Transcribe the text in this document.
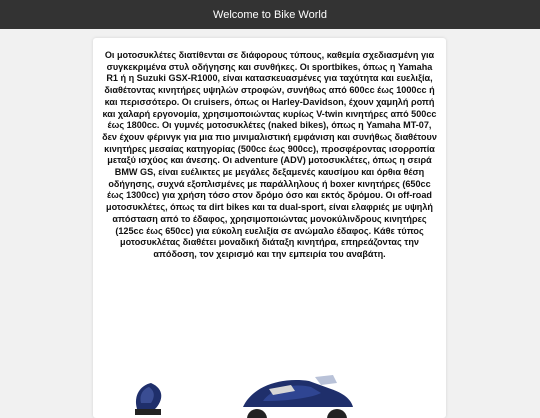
Welcome to Bike World
Οι μοτοσυκλέτες διατίθενται σε διάφορους τύπους, καθεμία σχεδιασμένη για συγκεκριμένα στυλ οδήγησης και συνθήκες. Οι sportbikes, όπως η Yamaha R1 ή η Suzuki GSX-R1000, είναι κατασκευασμένες για ταχύτητα και ευελιξία, διαθέτοντας κινητήρες υψηλών στροφών, συνήθως από 600cc έως 1000cc ή και περισσότερο. Οι cruisers, όπως οι Harley-Davidson, έχουν χαμηλή ροπή και χαλαρή εργονομία, χρησιμοποιώντας κυρίως V-twin κινητήρες από 500cc έως 1800cc. Οι γυμνές μοτοσυκλέτες (naked bikes), όπως η Yamaha MT-07, δεν έχουν φέρινγκ για μια πιο μινιμαλιστική εμφάνιση και συνήθως διαθέτουν κινητήρες μεσαίας κατηγορίας (500cc έως 900cc), προσφέροντας ισορροπία μεταξύ ισχύος και άνεσης. Οι adventure (ADV) μοτοσυκλέτες, όπως η σειρά BMW GS, είναι ευέλικτες με μεγάλες δεξαμενές καυσίμου και όρθια θέση οδήγησης, συχνά εξοπλισμένες με παράλληλους ή boxer κινητήρες (650cc έως 1300cc) για χρήση τόσο στον δρόμο όσο και εκτός δρόμου. Οι off-road μοτοσυκλέτες, όπως τα dirt bikes και τα dual-sport, είναι ελαφριές με υψηλή απόσταση από το έδαφος, χρησιμοποιώντας μονοκύλινδρους κινητήρες (125cc έως 650cc) για εύκολη ευελιξία σε ανώμαλο έδαφος. Κάθε τύπος μοτοσυκλέτας διαθέτει μοναδική διάταξη κινητήρα, επηρεάζοντας την απόδοση, τον χειρισμό και την εμπειρία του αναβάτη.
